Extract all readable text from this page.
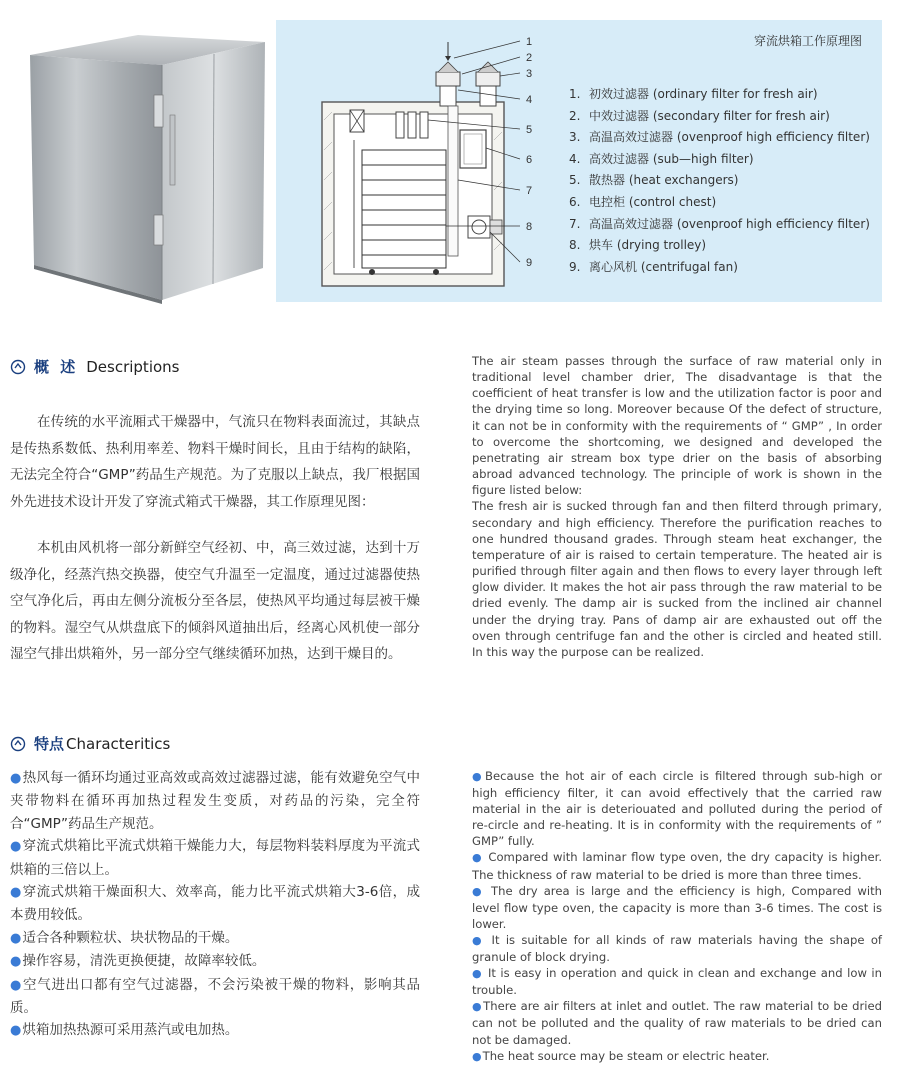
1
2
3
4
5
6
7
8
9
穿流烘箱工作原理图
1. 初效过滤器 (ordinary filter for fresh air)
2. 中效过滤器 (secondary filter for fresh air)
3. 高温高效过滤器 (ovenproof high efficiency filter)
4. 高效过滤器 (sub—high filter)
5. 散热器 (heat exchangers)
6. 电控柜 (control chest)
7. 高温高效过滤器 (ovenproof high efficiency filter)
8. 烘车 (drying trolley)
9. 离心风机 (centrifugal fan)
概 述 Descriptions

在传统的水平流厢式干燥器中，气流只在物料表面流过，其缺点是传热系数低、热利用率差、物料干燥时间长，且由于结构的缺陷，无法完全符合“GMP”药品生产规范。为了克服以上缺点，我厂根据国外先进技术设计开发了穿流式箱式干燥器，其工作原理见图：

本机由风机将一部分新鲜空气经初、中，高三效过滤，达到十万级净化，经蒸汽热交换器，使空气升温至一定温度，通过过滤器使热空气净化后，再由左侧分流板分至各层，使热风平均通过每层被干燥的物料。湿空气从烘盘底下的倾斜风道抽出后，经离心风机使一部分湿空气排出烘箱外，另一部分空气继续循环加热，达到干燥目的。

The air steam passes through the surface of raw material only in traditional level chamber drier, The disadvantage is that the coefficient of heat transfer is low and the utilization factor is poor and the drying time so long. Moreover because Of the defect of structure, it can not be in conformity with the requirements of “ GMP” , In order to overcome the shortcoming, we designed and developed the penetrating air stream box type drier on the basis of absorbing abroad advanced technology. The principle of work is shown in the figure listed below:

The fresh air is sucked through fan and then filterd through primary, secondary and high efficiency. Therefore the purification reaches to one hundred thousand grades. Through steam heat exchanger, the temperature of air is raised to certain temperature. The heated air is purified through filter again and then flows to every layer through left glow divider. It makes the hot air pass through the raw material to be dried evenly. The damp air is sucked from the inclined air channel under the drying tray. Pans of damp air are exhausted out off the oven through centrifuge fan and the other is circled and heated still. In this way the purpose can be realized.

特点 Characteritics
●热风每一循环均通过亚高效或高效过滤器过滤，能有效避免空气中夹带物料在循环再加热过程发生变质，对药品的污染，完全符合“GMP”药品生产规范。
●穿流式烘箱比平流式烘箱干燥能力大，每层物料装料厚度为平流式烘箱的三倍以上。
●穿流式烘箱干燥面积大、效率高，能力比平流式烘箱大3-6倍，成本费用较低。
●适合各种颗粒状、块状物品的干燥。
●操作容易，清洗更换便捷，故障率较低。
●空气进出口都有空气过滤器，不会污染被干燥的物料，影响其品质。
●烘箱加热热源可采用蒸汽或电加热。
●Because the hot air of each circle is filtered through sub-high or high efficiency filter, it can avoid effectively that the carried raw material in the air is deteriouated and polluted during the period of re-circle and re-heating. It is in conformity with the requirements of ” GMP” fully.
● Compared with laminar flow type oven, the dry capacity is higher. The thickness of raw material to be dried is more than three times.
● The dry area is large and the efficiency is high, Compared with level flow type oven, the capacity is more than 3-6 times. The cost is lower.
● It is suitable for all kinds of raw materials having the shape of granule of block drying.
● It is easy in operation and quick in clean and exchange and low in trouble.
●There are air filters at inlet and outlet. The raw material to be dried can not be polluted and the quality of raw materials to be dried can not be damaged.
●The heat source may be steam or electric heater.
